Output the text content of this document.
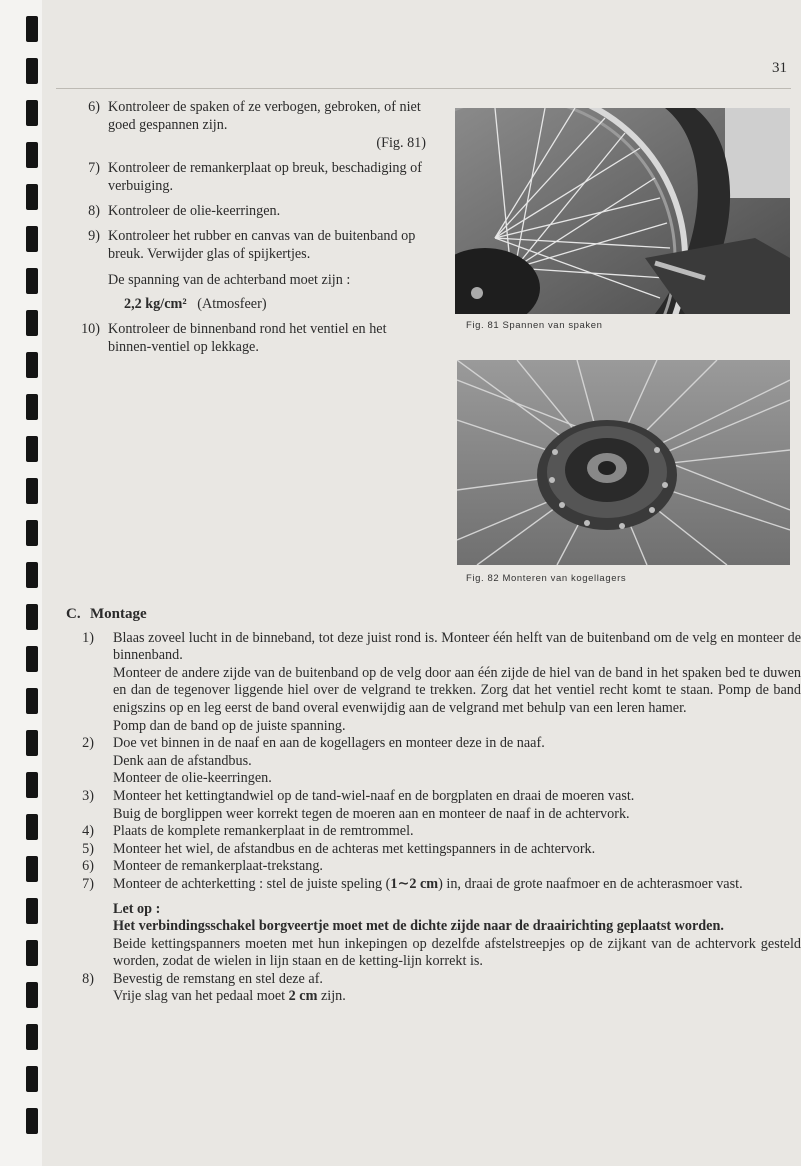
31
6) Kontroleer de spaken of ze verbogen, gebroken, of niet goed gespannen zijn.
(Fig. 81)
7) Kontroleer de remankerplaat op breuk, beschadiging of verbuiging.
8) Kontroleer de olie-keerringen.
9) Kontroleer het rubber en canvas van de buitenband op breuk. Verwijder glas of spijkertjes.
De spanning van de achterband moet zijn :
2,2 kg/cm² (Atmosfeer)
10) Kontroleer de binnenband rond het ventiel en het binnen-ventiel op lekkage.
Fig. 81 Spannen van spaken
Fig. 82 Monteren van kogellagers
C. Montage
1) Blaas zoveel lucht in de binneband, tot deze juist rond is. Monteer één helft van de buitenband om de velg en monteer de binnenband.
Monteer de andere zijde van de buitenband op de velg door aan één zijde de hiel van de band in het spaken bed te duwen en dan de tegenover liggende hiel over de velgrand te trekken. Zorg dat het ventiel recht komt te staan. Pomp de band enigszins op en leg eerst de band overal evenwijdig aan de velgrand met behulp van een leren hamer.
Pomp dan de band op de juiste spanning.
2) Doe vet binnen in de naaf en aan de kogellagers en monteer deze in de naaf.
Denk aan de afstandbus.
Monteer de olie-keerringen.
3) Monteer het kettingtandwiel op de tand-wiel-naaf en de borgplaten en draai de moeren vast.
Buig de borglippen weer korrekt tegen de moeren aan en monteer de naaf in de achtervork.
4) Plaats de komplete remankerplaat in de remtrommel.
5) Monteer het wiel, de afstandbus en de achteras met kettingspanners in de achtervork.
6) Monteer de remankerplaat-trekstang.
7) Monteer de achterketting : stel de juiste speling (1∼2 cm) in, draai de grote naafmoer en de achterasmoer vast.
Let op :
Het verbindingsschakel borgveertje moet met de dichte zijde naar de draairichting geplaatst worden.
Beide kettingspanners moeten met hun inkepingen op dezelfde afstelstreepjes op de zijkant van de achtervork gesteld worden, zodat de wielen in lijn staan en de ketting-lijn korrekt is.
8) Bevestig de remstang en stel deze af.
Vrije slag van het pedaal moet 2 cm zijn.
